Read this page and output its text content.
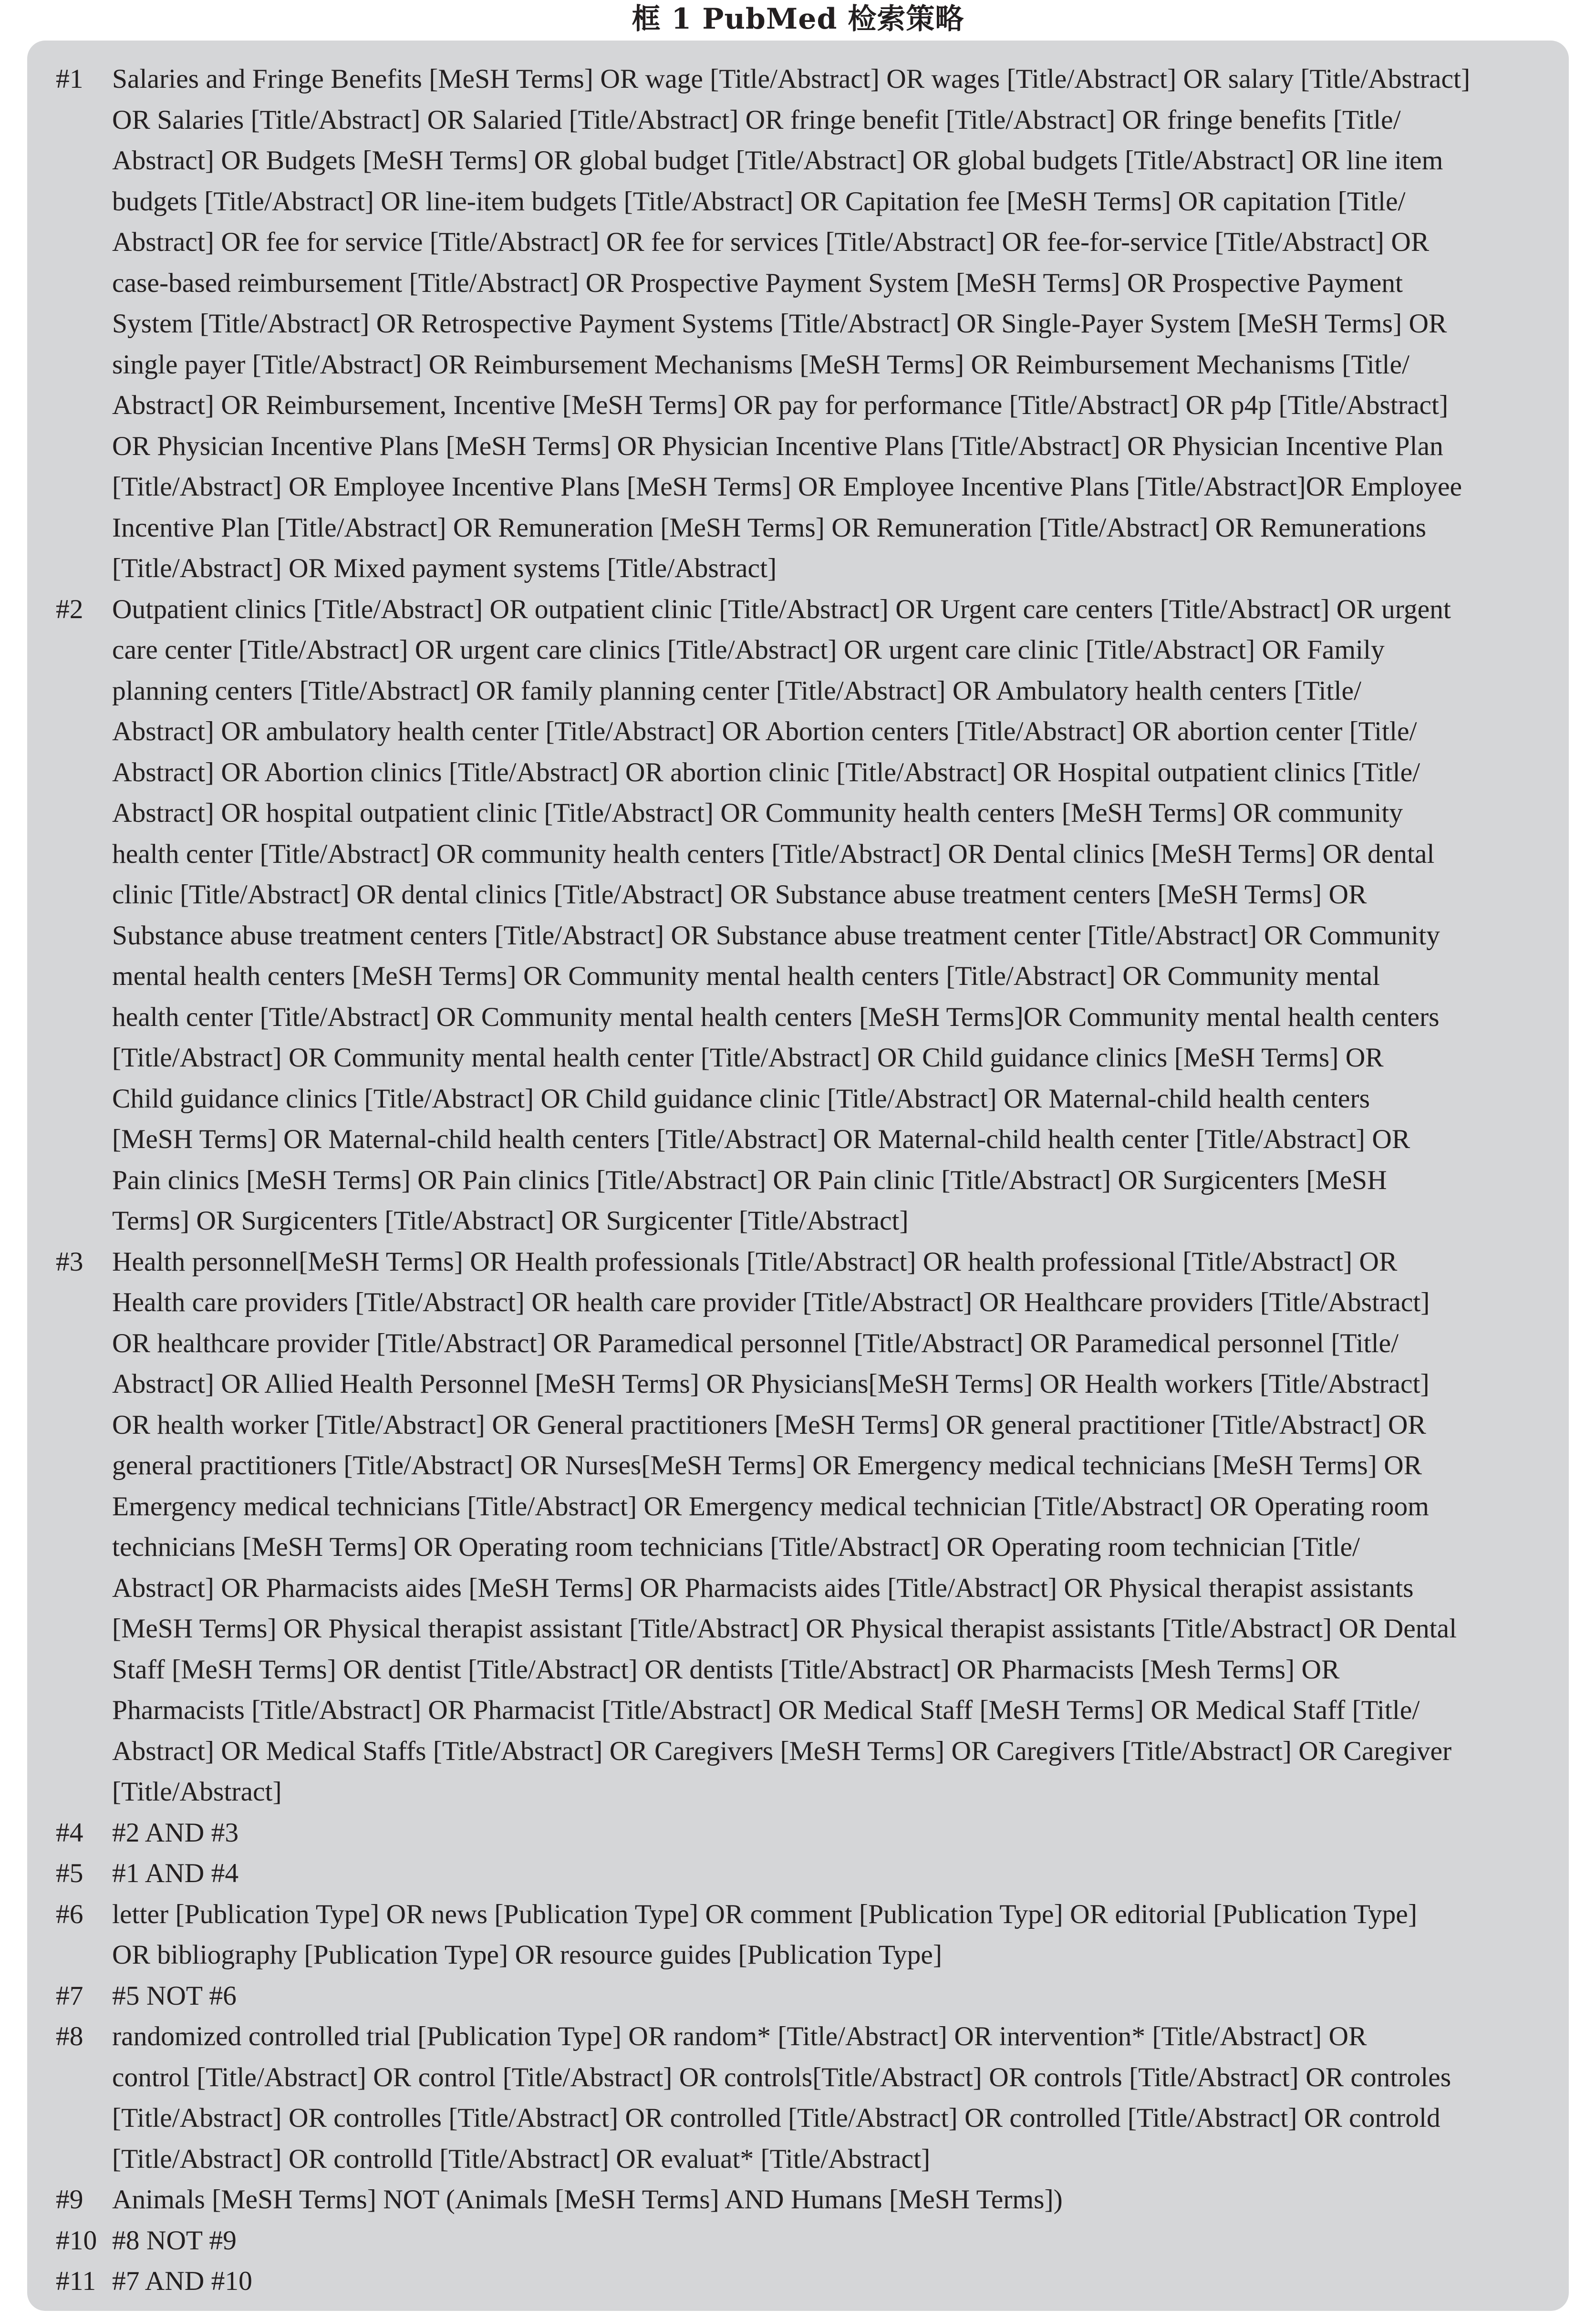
框 1 PubMed 检索策略
#1	Salaries and Fringe Benefits [MeSH Terms] OR wage [Title/Abstract] OR wages [Title/Abstract] OR salary [Title/Abstract]
OR Salaries [Title/Abstract] OR Salaried [Title/Abstract] OR fringe benefit [Title/Abstract] OR fringe benefits [Title/
Abstract] OR Budgets [MeSH Terms] OR global budget [Title/Abstract] OR global budgets [Title/Abstract] OR line item
budgets [Title/Abstract] OR line-item budgets [Title/Abstract] OR Capitation fee [MeSH Terms] OR capitation [Title/
Abstract] OR fee for service [Title/Abstract] OR fee for services [Title/Abstract] OR fee-for-service [Title/Abstract] OR
case-based reimbursement [Title/Abstract] OR Prospective Payment System [MeSH Terms] OR Prospective Payment
System [Title/Abstract] OR Retrospective Payment Systems [Title/Abstract] OR Single-Payer System [MeSH Terms] OR
single payer [Title/Abstract] OR Reimbursement Mechanisms [MeSH Terms] OR Reimbursement Mechanisms [Title/
Abstract] OR Reimbursement, Incentive [MeSH Terms] OR pay for performance [Title/Abstract] OR p4p [Title/Abstract]
OR Physician Incentive Plans [MeSH Terms] OR Physician Incentive Plans [Title/Abstract] OR Physician Incentive Plan
[Title/Abstract] OR Employee Incentive Plans [MeSH Terms] OR Employee Incentive Plans [Title/Abstract]OR Employee
Incentive Plan [Title/Abstract] OR Remuneration [MeSH Terms] OR Remuneration [Title/Abstract] OR Remunerations
[Title/Abstract] OR Mixed payment systems [Title/Abstract]
#2	Outpatient clinics [Title/Abstract] OR outpatient clinic [Title/Abstract] OR Urgent care centers [Title/Abstract] OR urgent
care center [Title/Abstract] OR urgent care clinics [Title/Abstract] OR urgent care clinic [Title/Abstract] OR Family
planning centers [Title/Abstract] OR family planning center [Title/Abstract] OR Ambulatory health centers [Title/
Abstract] OR ambulatory health center [Title/Abstract] OR Abortion centers [Title/Abstract] OR abortion center [Title/
Abstract] OR Abortion clinics [Title/Abstract] OR abortion clinic [Title/Abstract] OR Hospital outpatient clinics [Title/
Abstract] OR hospital outpatient clinic [Title/Abstract] OR Community health centers [MeSH Terms] OR community
health center [Title/Abstract] OR community health centers [Title/Abstract] OR Dental clinics [MeSH Terms] OR dental
clinic [Title/Abstract] OR dental clinics [Title/Abstract] OR Substance abuse treatment centers [MeSH Terms] OR
Substance abuse treatment centers [Title/Abstract] OR Substance abuse treatment center [Title/Abstract] OR Community
mental health centers [MeSH Terms] OR Community mental health centers [Title/Abstract] OR Community mental
health center [Title/Abstract] OR Community mental health centers [MeSH Terms]OR Community mental health centers
[Title/Abstract] OR Community mental health center [Title/Abstract] OR Child guidance clinics [MeSH Terms] OR
Child guidance clinics [Title/Abstract] OR Child guidance clinic [Title/Abstract] OR Maternal-child health centers
[MeSH Terms] OR Maternal-child health centers [Title/Abstract] OR Maternal-child health center [Title/Abstract] OR
Pain clinics [MeSH Terms] OR Pain clinics [Title/Abstract] OR Pain clinic [Title/Abstract] OR Surgicenters [MeSH
Terms] OR Surgicenters [Title/Abstract] OR Surgicenter [Title/Abstract]
#3	Health personnel[MeSH Terms] OR Health professionals [Title/Abstract] OR health professional [Title/Abstract] OR
Health care providers [Title/Abstract] OR health care provider [Title/Abstract] OR Healthcare providers [Title/Abstract]
OR healthcare provider [Title/Abstract] OR Paramedical personnel [Title/Abstract] OR Paramedical personnel [Title/
Abstract] OR Allied Health Personnel [MeSH Terms] OR Physicians[MeSH Terms] OR Health workers [Title/Abstract]
OR health worker [Title/Abstract] OR General practitioners [MeSH Terms] OR general practitioner [Title/Abstract] OR
general practitioners [Title/Abstract] OR Nurses[MeSH Terms] OR Emergency medical technicians [MeSH Terms] OR
Emergency medical technicians [Title/Abstract] OR Emergency medical technician [Title/Abstract] OR Operating room
technicians [MeSH Terms] OR Operating room technicians [Title/Abstract] OR Operating room technician [Title/
Abstract] OR Pharmacists aides [MeSH Terms] OR Pharmacists aides [Title/Abstract] OR Physical therapist assistants
[MeSH Terms] OR Physical therapist assistant [Title/Abstract] OR Physical therapist assistants [Title/Abstract] OR Dental
Staff [MeSH Terms] OR dentist [Title/Abstract] OR dentists [Title/Abstract] OR Pharmacists [Mesh Terms] OR
Pharmacists [Title/Abstract] OR Pharmacist [Title/Abstract] OR Medical Staff [MeSH Terms] OR Medical Staff [Title/
Abstract] OR Medical Staffs [Title/Abstract] OR Caregivers [MeSH Terms] OR Caregivers [Title/Abstract] OR Caregiver
[Title/Abstract]
#4	#2 AND #3
#5	#1 AND #4
#6	letter [Publication Type] OR news [Publication Type] OR comment [Publication Type] OR editorial [Publication Type]
OR bibliography [Publication Type] OR resource guides [Publication Type]
#7	#5 NOT #6
#8	randomized controlled trial [Publication Type] OR random* [Title/Abstract] OR intervention* [Title/Abstract] OR
control [Title/Abstract] OR control [Title/Abstract] OR controls[Title/Abstract] OR controls [Title/Abstract] OR controles
[Title/Abstract] OR controlles [Title/Abstract] OR controlled [Title/Abstract] OR controlled [Title/Abstract] OR controld
[Title/Abstract] OR controlld [Title/Abstract] OR evaluat* [Title/Abstract]
#9	Animals [MeSH Terms] NOT (Animals [MeSH Terms] AND Humans [MeSH Terms])
#10 #8 NOT #9
#11 #7 AND #10
